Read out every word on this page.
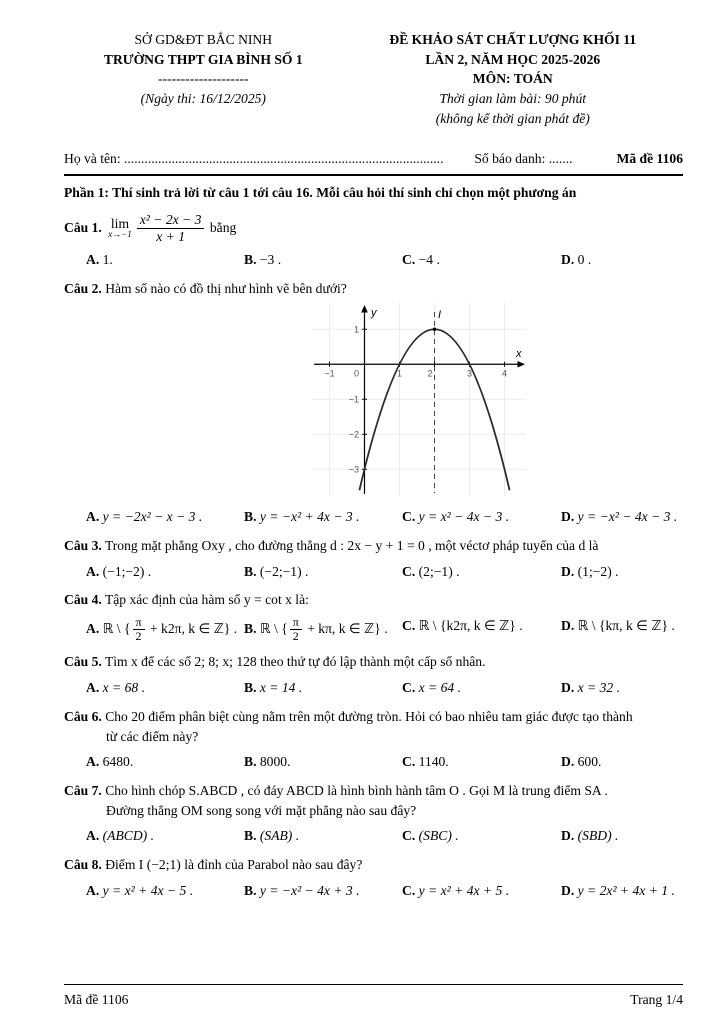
SỞ GD&ĐT BẮC NINH
TRƯỜNG THPT GIA BÌNH SỐ 1
--------------------
(Ngày thi: 16/12/2025)
ĐỀ KHẢO SÁT CHẤT LƯỢNG KHỐI 11
LẦN 2, NĂM HỌC 2025-2026
MÔN: TOÁN
Thời gian làm bài: 90 phút
(không kể thời gian phát đề)
Họ và tên: ..............................................................................................	Số báo danh: .......	Mã đề 1106
Phần 1: Thí sinh trả lời từ câu 1 tới câu 16. Mỗi câu hỏi thí sinh chỉ chọn một phương án
Câu 1.
lim
$x\to-1 \frac{\text{x² − 2x − 3}}{x + 1}$
bằng
A. 1.	B. −3 .	C. −4 .	D. 0 .
Câu 2. Hàm số nào có đồ thị như hình vẽ bên dưới?
I
y
x
0
−1	1	2	3	4
1
−1
−2
−3
A. y = −2x² − x − 3 .	B. y = −x² + 4x − 3 .	C. y = x² − 4x − 3 .	D. y = −x² − 4x − 3 .
Câu 3. Trong mặt phẳng Oxy , cho đường thẳng d : 2x − y + 1 = 0 , một véctơ pháp tuyến của d là
A. (−1;−2) .	B. (−2;−1) .	C. (2;−1) .	D. (1;−2) .
Câu 4. Tập xác định của hàm số y = cot x là:
A. ℝ \ { $\frac{\pi}{2} + k2\pi$, k ∈ ℤ} . B. ℝ \ { $\frac{\pi}{2} + k\pi$, k ∈ ℤ} .	C. ℝ \ {k2π, k ∈ ℤ} .	D. ℝ \ {kπ, k ∈ ℤ} .
Câu 5. Tìm x để các số 2; 8; x; 128 theo thứ tự đó lập thành một cấp số nhân.
A. x = 68 .	B. x = 14 .	C. x = 64 .	D. x = 32 .
Câu 6. Cho 20 điểm phân biệt cùng nằm trên một đường tròn. Hỏi có bao nhiêu tam giác được tạo thành
từ các điểm này?
A. 6480.	B. 8000.	C. 1140.	D. 600.
Câu 7. Cho hình chóp S.ABCD , có đáy ABCD là hình bình hành tâm O . Gọi M là trung điểm SA .
Đường thẳng OM song song với mặt phẳng nào sau đây?
A. (ABCD) .	B. (SAB) .	C. (SBC) .	D. (SBD) .
Câu 8. Điểm I (−2;1) là đỉnh của Parabol nào sau đây?
A. y = x² + 4x − 5 .	B. y = −x² − 4x + 3 .	C. y = x² + 4x + 5 .	D. y = 2x² + 4x + 1 .
Mã đề 1106	Trang 1/4
